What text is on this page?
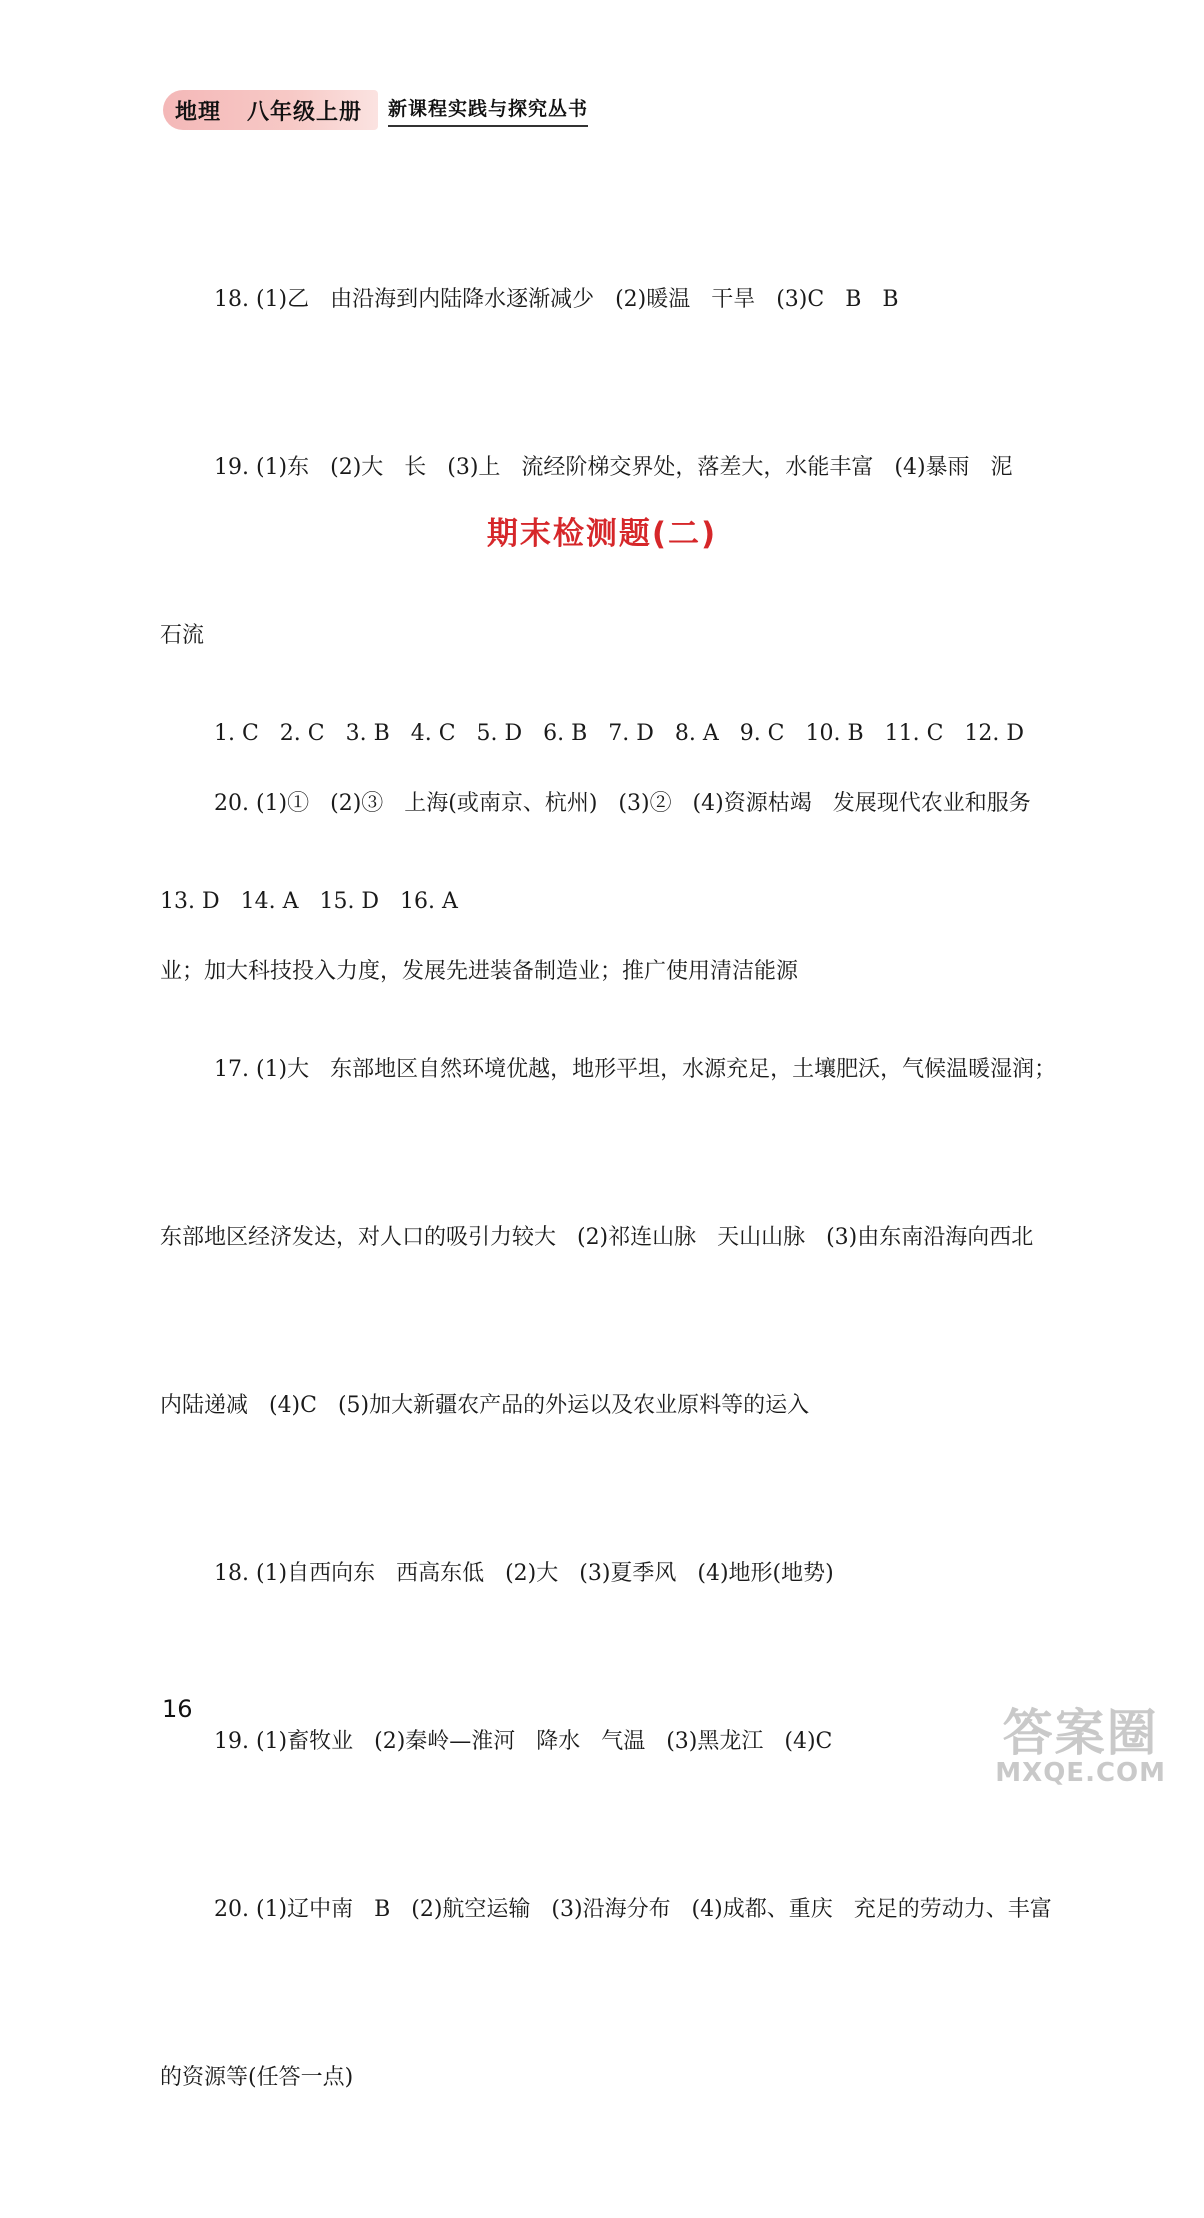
地理 八年级上册 新课程实践与探究丛书

18. (1)乙   由沿海到内陆降水逐渐减少   (2)暖温   干旱   (3)C   B   B

19. (1)东   (2)大   长   (3)上   流经阶梯交界处，落差大，水能丰富   (4)暴雨   泥

石流

20. (1)①   (2)③   上海(或南京、杭州)   (3)②   (4)资源枯竭   发展现代农业和服务

业；加大科技投入力度，发展先进装备制造业；推广使用清洁能源

期末检测题(二)

1. C   2. C   3. B   4. C   5. D   6. B   7. D   8. A   9. C   10. B   11. C   12. D

13. D   14. A   15. D   16. A

17. (1)大   东部地区自然环境优越，地形平坦，水源充足，土壤肥沃，气候温暖湿润；

东部地区经济发达，对人口的吸引力较大   (2)祁连山脉   天山山脉   (3)由东南沿海向西北

内陆递减   (4)C   (5)加大新疆农产品的外运以及农业原料等的运入

18. (1)自西向东   西高东低   (2)大   (3)夏季风   (4)地形(地势)

19. (1)畜牧业   (2)秦岭—淮河   降水   气温   (3)黑龙江   (4)C

20. (1)辽中南   B   (2)航空运输   (3)沿海分布   (4)成都、重庆   充足的劳动力、丰富

的资源等(任答一点)

16	答案圈
MXQE.COM
